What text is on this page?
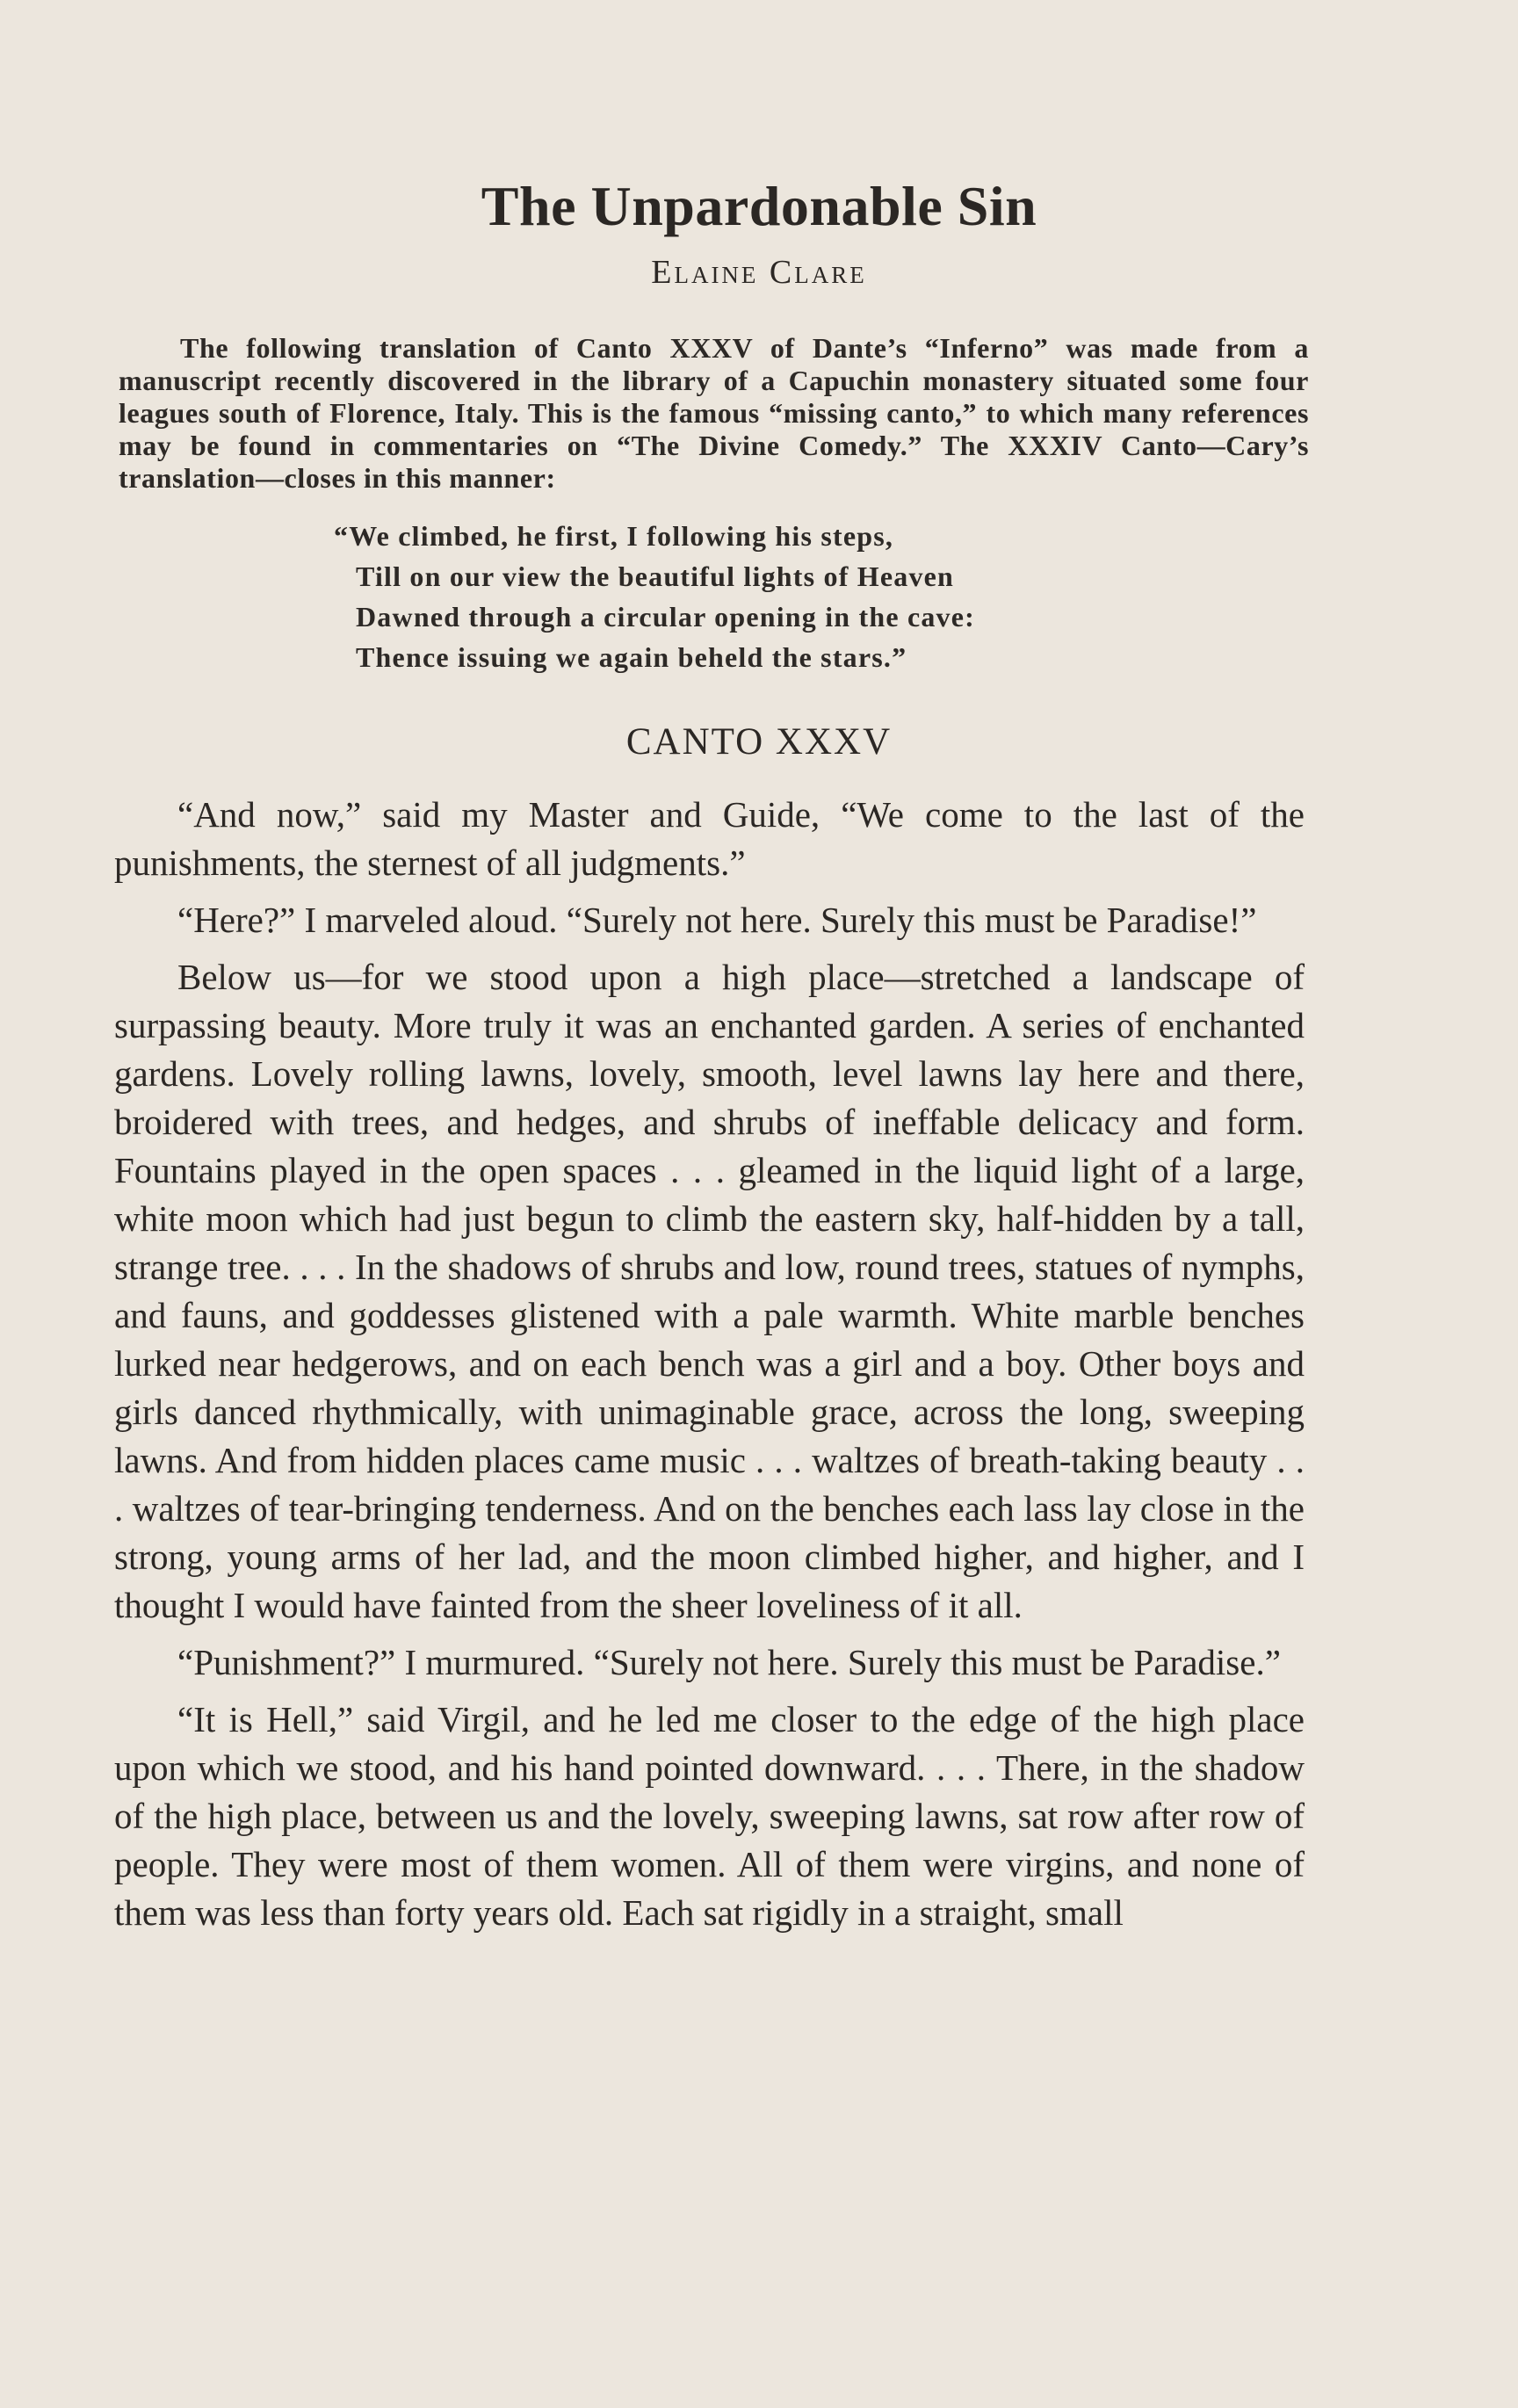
The Unpardonable Sin
Elaine Clare
The following translation of Canto XXXV of Dante’s “Inferno” was made from a manuscript recently discovered in the library of a Capuchin monastery situated some four leagues south of Florence, Italy. This is the famous “missing canto,” to which many references may be found in commentaries on “The Divine Comedy.” The XXXIV Canto—Cary’s translation—closes in this manner:
“We climbed, he first, I following his steps,
Till on our view the beautiful lights of Heaven
Dawned through a circular opening in the cave:
Thence issuing we again beheld the stars.”
CANTO XXXV

“And now,” said my Master and Guide, “We come to the last of the punishments, the sternest of all judgments.”

“Here?” I marveled aloud. “Surely not here. Surely this must be Paradise!”

Below us—for we stood upon a high place—stretched a landscape of surpassing beauty. More truly it was an enchanted garden. A series of enchanted gardens. Lovely rolling lawns, lovely, smooth, level lawns lay here and there, broidered with trees, and hedges, and shrubs of ineffable delicacy and form. Fountains played in the open spaces . . . gleamed in the liquid light of a large, white moon which had just begun to climb the eastern sky, half-hidden by a tall, strange tree. . . . In the shadows of shrubs and low, round trees, statues of nymphs, and fauns, and goddesses glistened with a pale warmth. White marble benches lurked near hedgerows, and on each bench was a girl and a boy. Other boys and girls danced rhythmically, with unimaginable grace, across the long, sweeping lawns. And from hidden places came music . . . waltzes of breath-taking beauty . . . waltzes of tear-bringing tenderness. And on the benches each lass lay close in the strong, young arms of her lad, and the moon climbed higher, and higher, and I thought I would have fainted from the sheer loveliness of it all.

“Punishment?” I murmured. “Surely not here. Surely this must be Paradise.”

“It is Hell,” said Virgil, and he led me closer to the edge of the high place upon which we stood, and his hand pointed downward. . . . There, in the shadow of the high place, between us and the lovely, sweeping lawns, sat row after row of people. They were most of them women. All of them were virgins, and none of them was less than forty years old. Each sat rigidly in a straight, small
